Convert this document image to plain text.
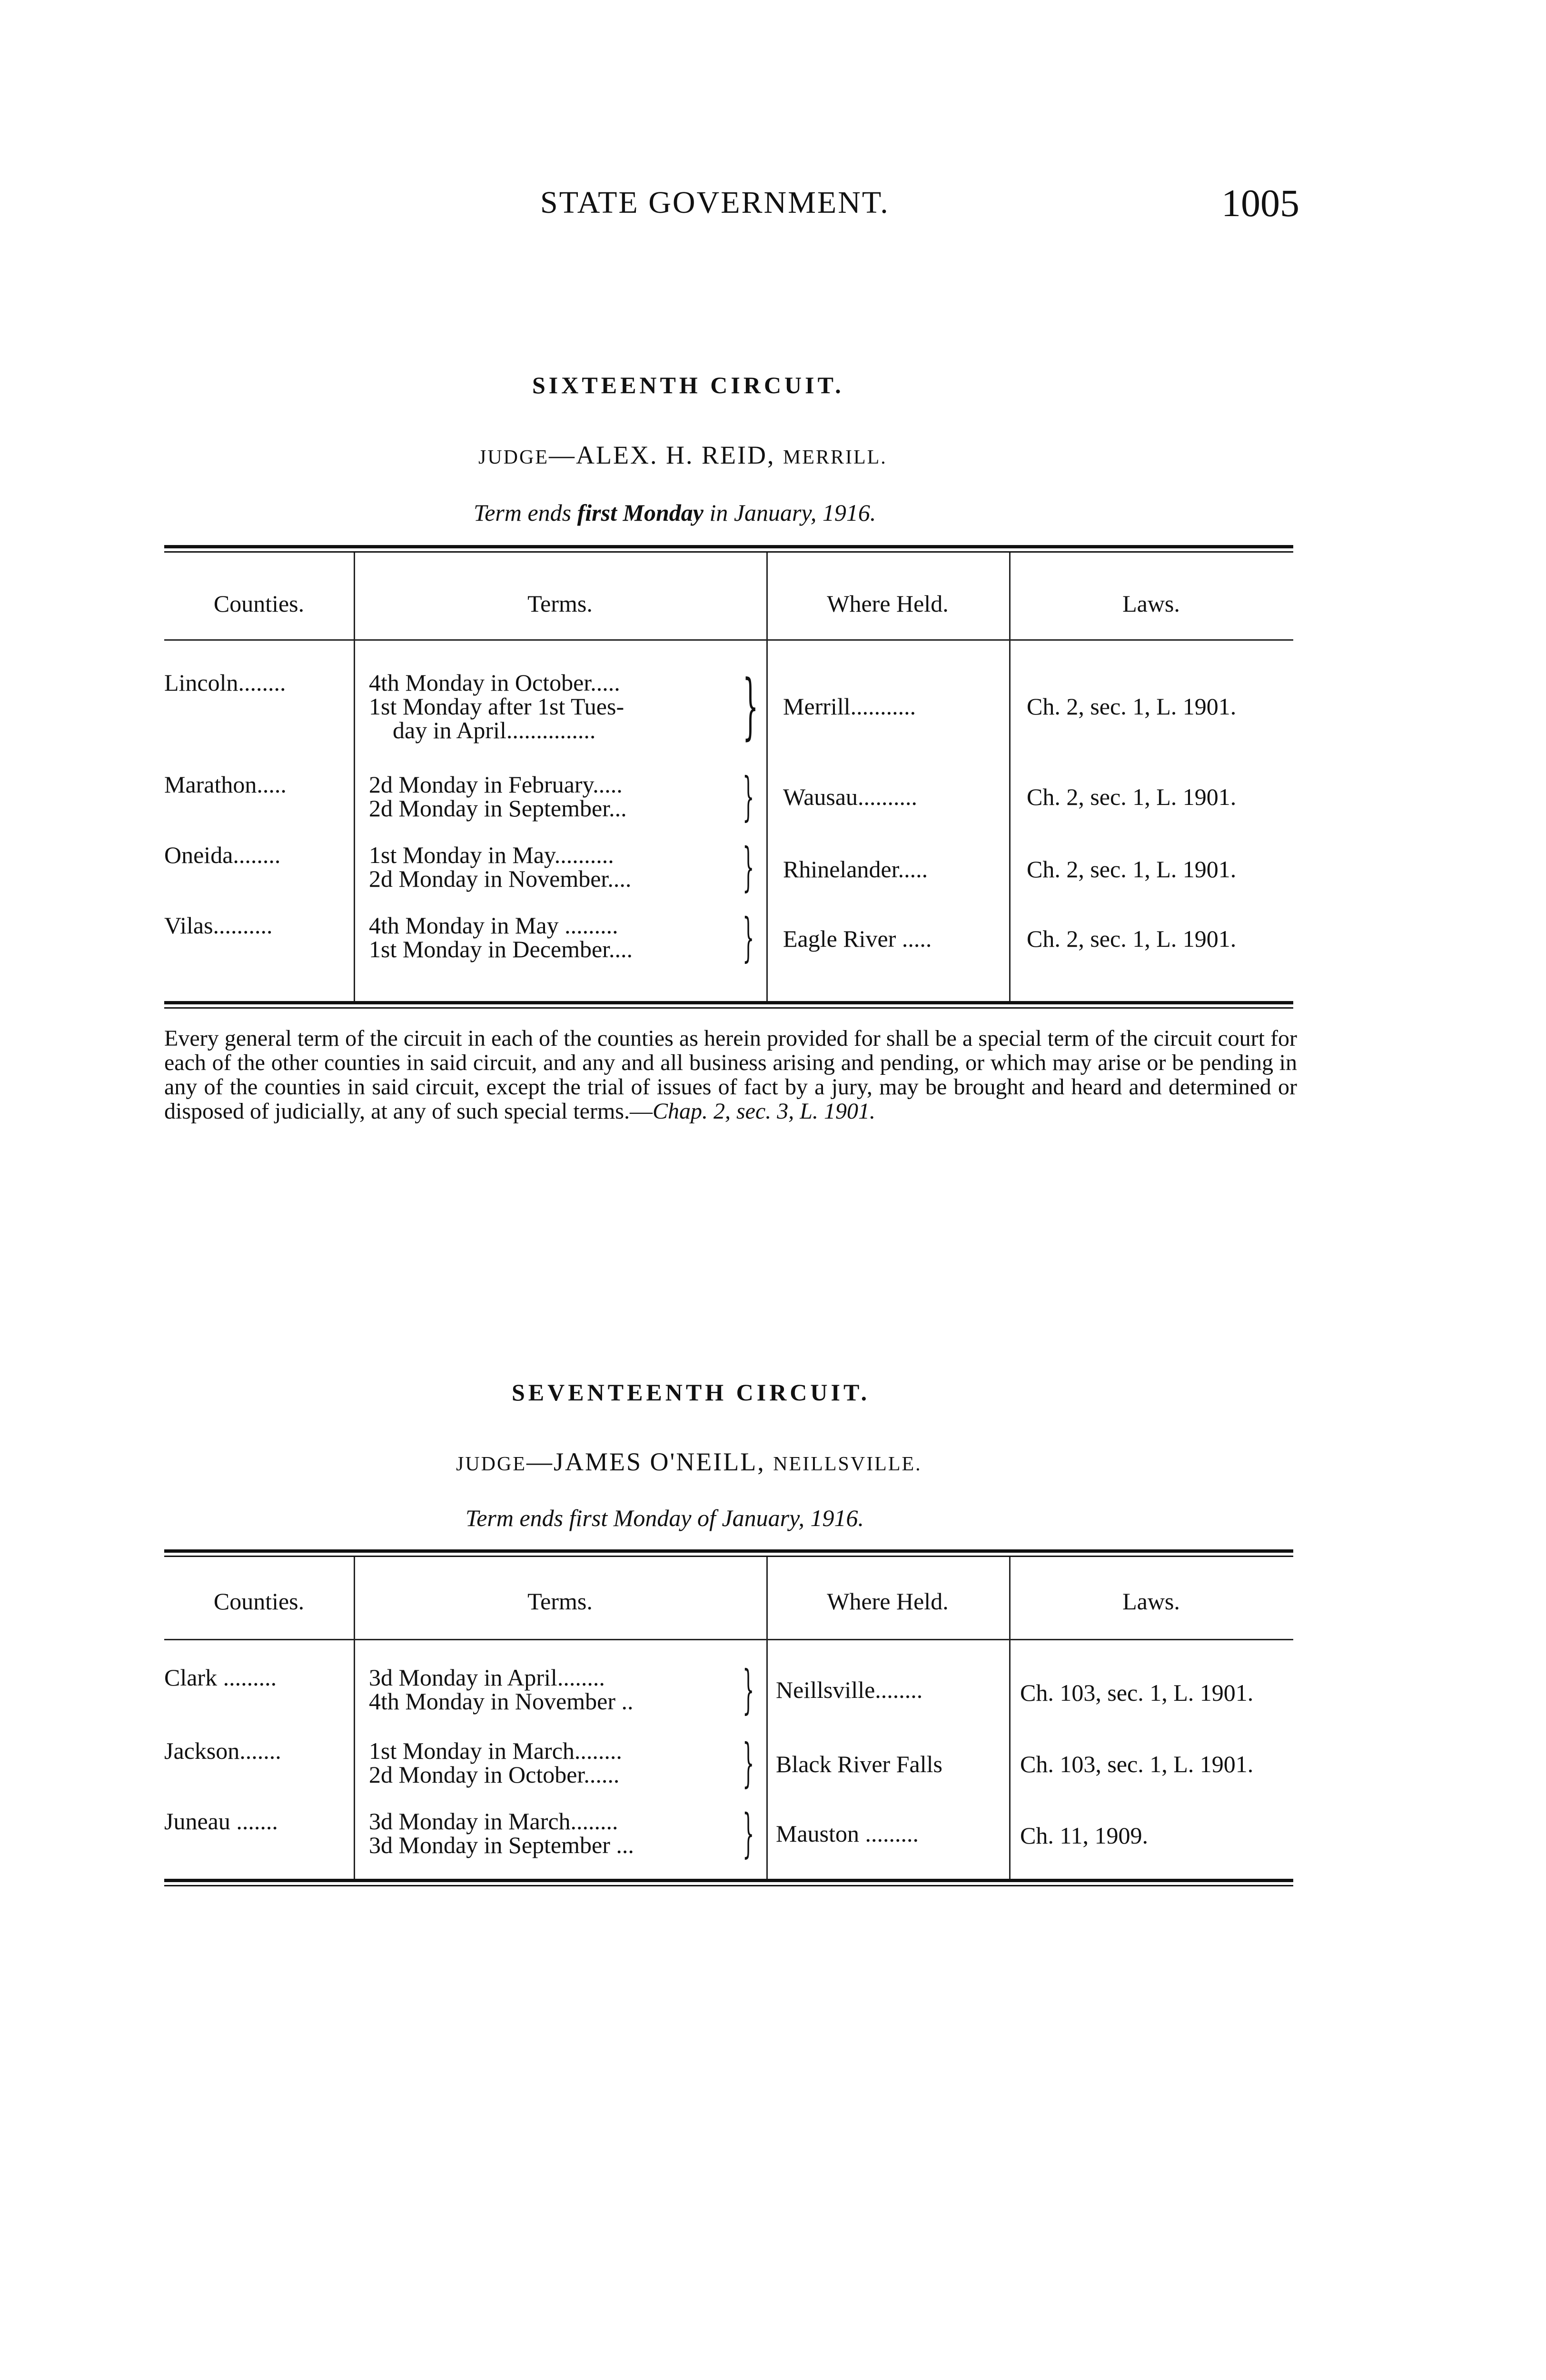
STATE GOVERNMENT.	1005
SIXTEENTH CIRCUIT.
JUDGE—ALEX. H. REID, MERRILL.
Term ends first Monday in January, 1916.
Counties.	Terms.	Where Held.	Laws.
Lincoln........	4th Monday in October.....
1st Monday after 1st Tues-
day in April............... } Merrill...........	Ch. 2, sec. 1, L. 1901.
Marathon.....	2d Monday in February.....
2d Monday in September... } Wausau..........	Ch. 2, sec. 1, L. 1901.
Oneida........	1st Monday in May..........
2d Monday in November.... } Rhinelander.....	Ch. 2, sec. 1, L. 1901.
Vilas..........	4th Monday in May .........
1st Monday in December.... } Eagle River .....	Ch. 2, sec. 1, L. 1901.
Every general term of the circuit in each of the counties as herein provided for shall be a special term of the circuit court for each of the other counties in said circuit, and any and all business arising and pending, or which may arise or be pending in any of the counties in said circuit, except the trial of issues of fact by a jury, may be brought and heard and determined or disposed of judicially, at any of such special terms.—Chap. 2, sec. 3, L. 1901.
SEVENTEENTH CIRCUIT.
JUDGE—JAMES O'NEILL, NEILLSVILLE.
Term ends first Monday of January, 1916.
Counties.	Terms.	Where Held.	Laws.
Clark .........	3d Monday in April........
4th Monday in November .. } Neillsville........	Ch. 103, sec. 1, L. 1901.
Jackson.......	1st Monday in March........
2d Monday in October...... } Black River Falls	Ch. 103, sec. 1, L. 1901.
Juneau .......	3d Monday in March........
3d Monday in September ... } Mauston .........	Ch. 11, 1909.
